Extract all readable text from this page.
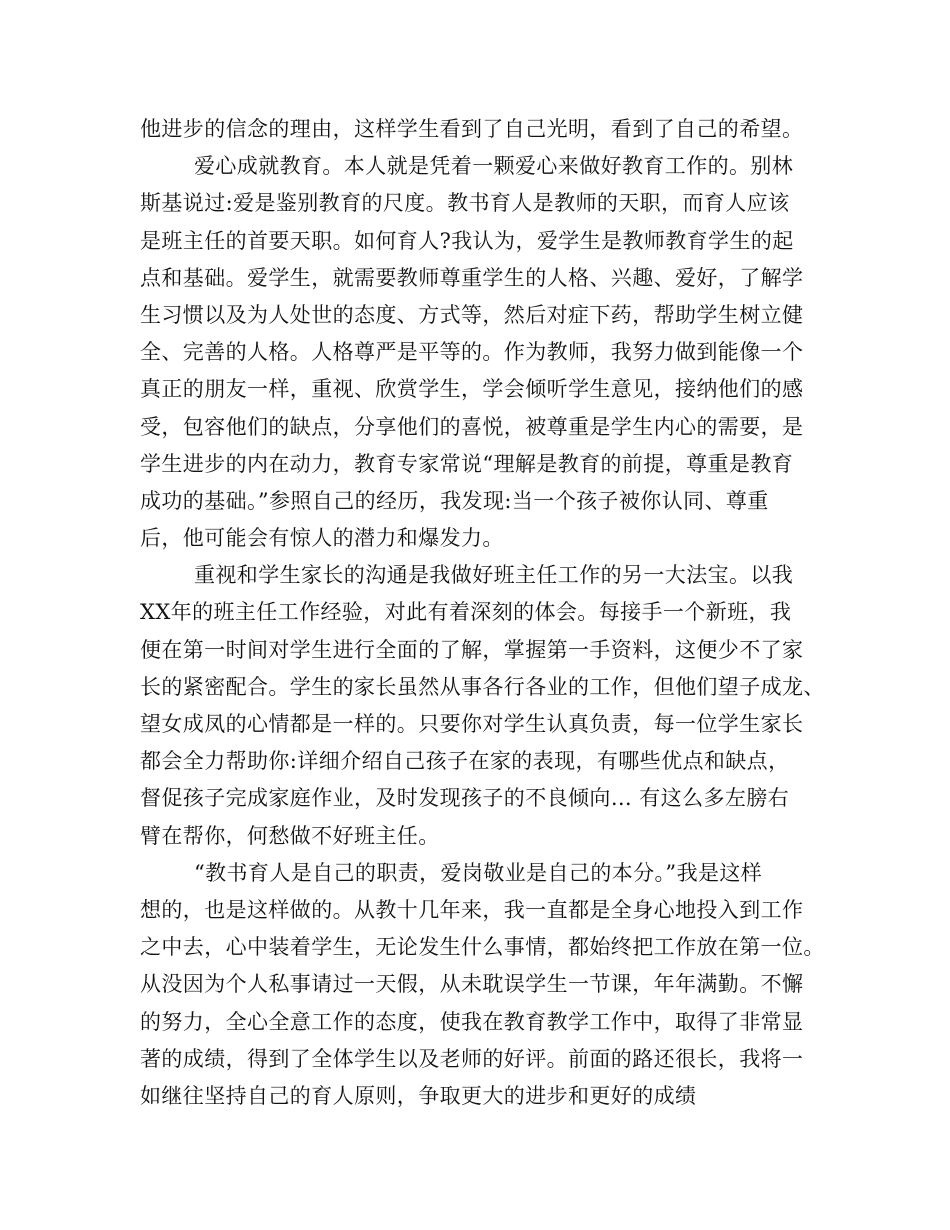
他进步的信念的理由，这样学生看到了自己光明，看到了自己的希望。
爱心成就教育。本人就是凭着一颗爱心来做好教育工作的。别林
斯基说过:爱是鉴别教育的尺度。教书育人是教师的天职，而育人应该
是班主任的首要天职。如何育人?我认为，爱学生是教师教育学生的起
点和基础。爱学生，就需要教师尊重学生的人格、兴趣、爱好，了解学
生习惯以及为人处世的态度、方式等，然后对症下药，帮助学生树立健
全、完善的人格。人格尊严是平等的。作为教师，我努力做到能像一个
真正的朋友一样，重视、欣赏学生，学会倾听学生意见，接纳他们的感
受，包容他们的缺点，分享他们的喜悦，被尊重是学生内心的需要，是
学生进步的内在动力，教育专家常说“理解是教育的前提，尊重是教育
成功的基础。”参照自己的经历，我发现:当一个孩子被你认同、尊重
后，他可能会有惊人的潜力和爆发力。
重视和学生家长的沟通是我做好班主任工作的另一大法宝。以我
XX年的班主任工作经验，对此有着深刻的体会。每接手一个新班，我
便在第一时间对学生进行全面的了解，掌握第一手资料，这便少不了家
长的紧密配合。学生的家长虽然从事各行各业的工作，但他们望子成龙、
望女成凤的心情都是一样的。只要你对学生认真负责，每一位学生家长
都会全力帮助你:详细介绍自己孩子在家的表现，有哪些优点和缺点，
督促孩子完成家庭作业，及时发现孩子的不良倾向… 有这么多左膀右
臂在帮你，何愁做不好班主任。
“教书育人是自己的职责，爱岗敬业是自己的本分。”我是这样
想的，也是这样做的。从教十几年来，我一直都是全身心地投入到工作
之中去，心中装着学生，无论发生什么事情，都始终把工作放在第一位。
从没因为个人私事请过一天假，从未耽误学生一节课，年年满勤。不懈
的努力，全心全意工作的态度，使我在教育教学工作中，取得了非常显
著的成绩，得到了全体学生以及老师的好评。前面的路还很长，我将一
如继往坚持自己的育人原则，争取更大的进步和更好的成绩
